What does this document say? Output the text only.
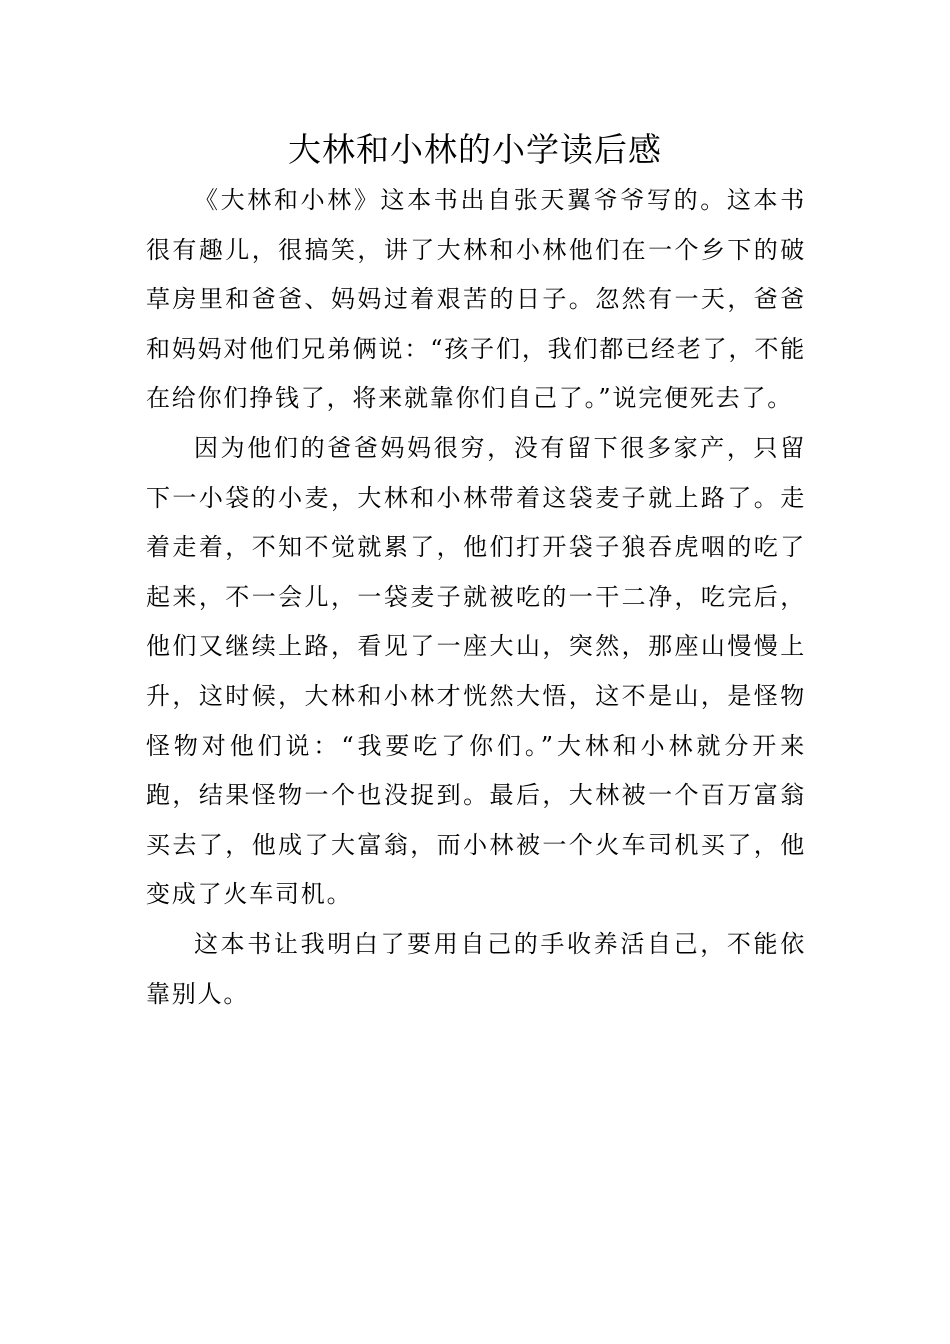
大林和小林的小学读后感

《大林和小林》这本书出自张天翼爷爷写的。这本书很有趣儿，很搞笑，讲了大林和小林他们在一个乡下的破草房里和爸爸、妈妈过着艰苦的日子。忽然有一天，爸爸和妈妈对他们兄弟俩说：“孩子们，我们都已经老了，不能在给你们挣钱了，将来就靠你们自己了。”说完便死去了。

因为他们的爸爸妈妈很穷，没有留下很多家产，只留下一小袋的小麦，大林和小林带着这袋麦子就上路了。走着走着，不知不觉就累了，他们打开袋子狼吞虎咽的吃了起来，不一会儿，一袋麦子就被吃的一干二净，吃完后，他们又继续上路，看见了一座大山，突然，那座山慢慢上升，这时候，大林和小林才恍然大悟，这不是山，是怪物怪物对他们说：“我要吃了你们。”大林和小林就分开来跑，结果怪物一个也没捉到。最后，大林被一个百万富翁买去了，他成了大富翁，而小林被一个火车司机买了，他变成了火车司机。

这本书让我明白了要用自己的手收养活自己，不能依靠别人。
